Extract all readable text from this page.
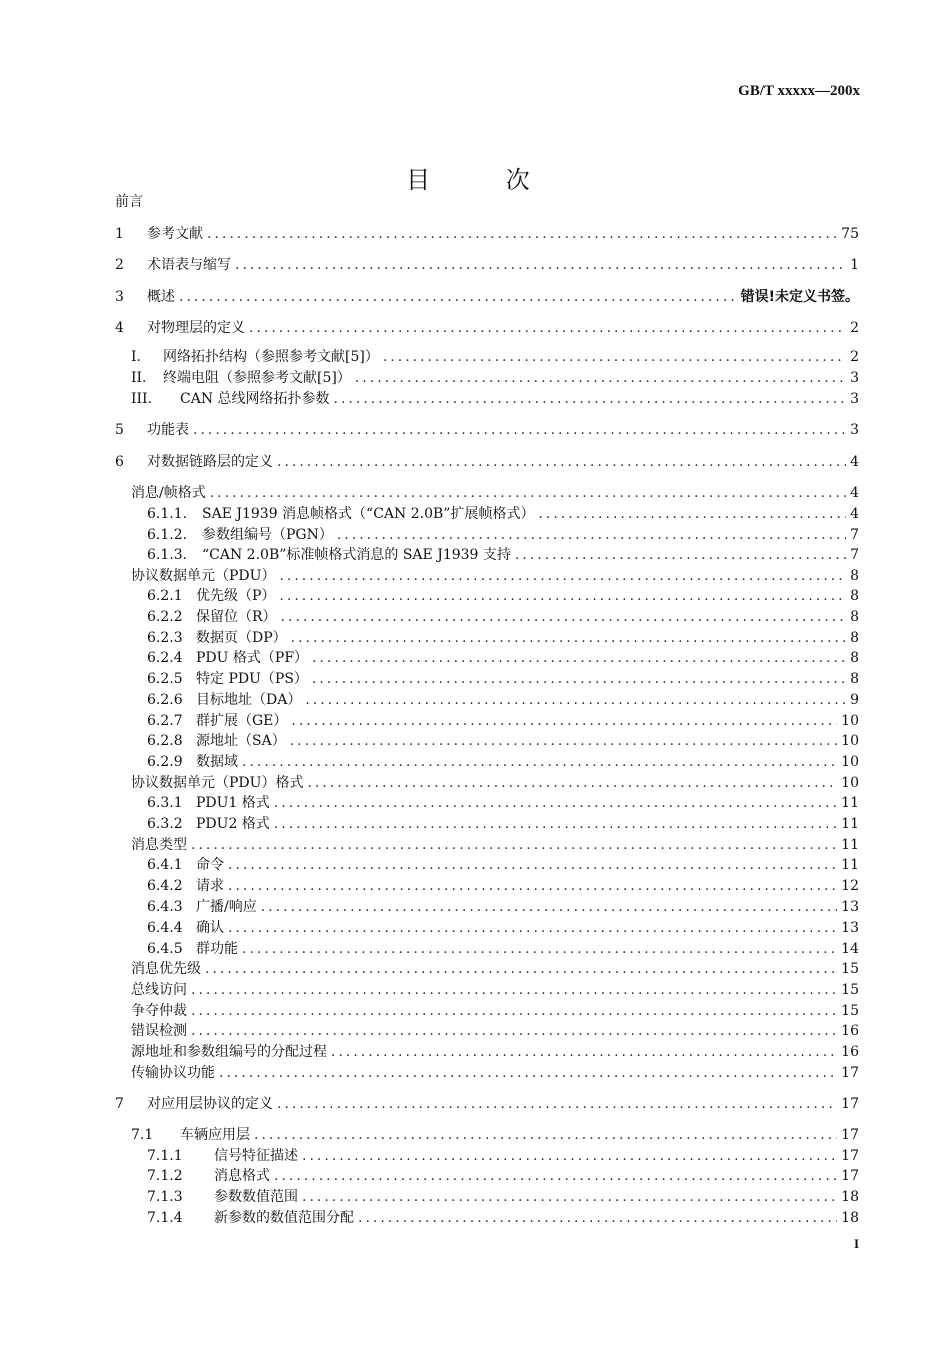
GB/T xxxxx—200x
目 次
前言
1	参考文献 .....	75
2	术语表与缩写 .....	1
3	概述 .....	错误!未定义书签。
4	对物理层的定义 .....	2
I.	网络拓扑结构（参照参考文献[5]） .....	2
II.	终端电阻（参照参考文献[5]） .....	3
III.	CAN 总线网络拓扑参数 .....	3
5	功能表 .....	3
6	对数据链路层的定义 .....	4
消息/帧格式 .....	4
6.1.1.	SAE J1939 消息帧格式（“CAN 2.0B”扩展帧格式） .....	4
6.1.2.	参数组编号（PGN） .....	7
6.1.3.	“CAN 2.0B”标准帧格式消息的 SAE J1939 支持 .....	7
协议数据单元（PDU） .....	8
6.2.1 优先级（P） .....	8
6.2.2 保留位（R） .....	8
6.2.3 数据页（DP） .....	8
6.2.4 PDU 格式（PF） .....	8
6.2.5 特定 PDU（PS） .....	8
6.2.6 目标地址（DA） .....	9
6.2.7 群扩展（GE） .....	10
6.2.8 源地址（SA） .....	10
6.2.9 数据域 .....	10
协议数据单元（PDU）格式 .....	10
6.3.1 PDU1 格式 .....	11
6.3.2 PDU2 格式 .....	11
消息类型 .....	11
6.4.1 命令 .....	11
6.4.2 请求 .....	12
6.4.3 广播/响应 .....	13
6.4.4 确认 .....	13
6.4.5 群功能 .....	14
消息优先级 .....	15
总线访问 .....	15
争夺仲裁 .....	15
错误检测 .....	16
源地址和参数组编号的分配过程 .....	16
传输协议功能 .....	17
7	对应用层协议的定义 .....	17
7.1	车辆应用层 .....	17
7.1.1	信号特征描述 .....	17
7.1.2	消息格式 .....	17
7.1.3	参数数值范围 .....	18
7.1.4	新参数的数值范围分配 .....	18
I
